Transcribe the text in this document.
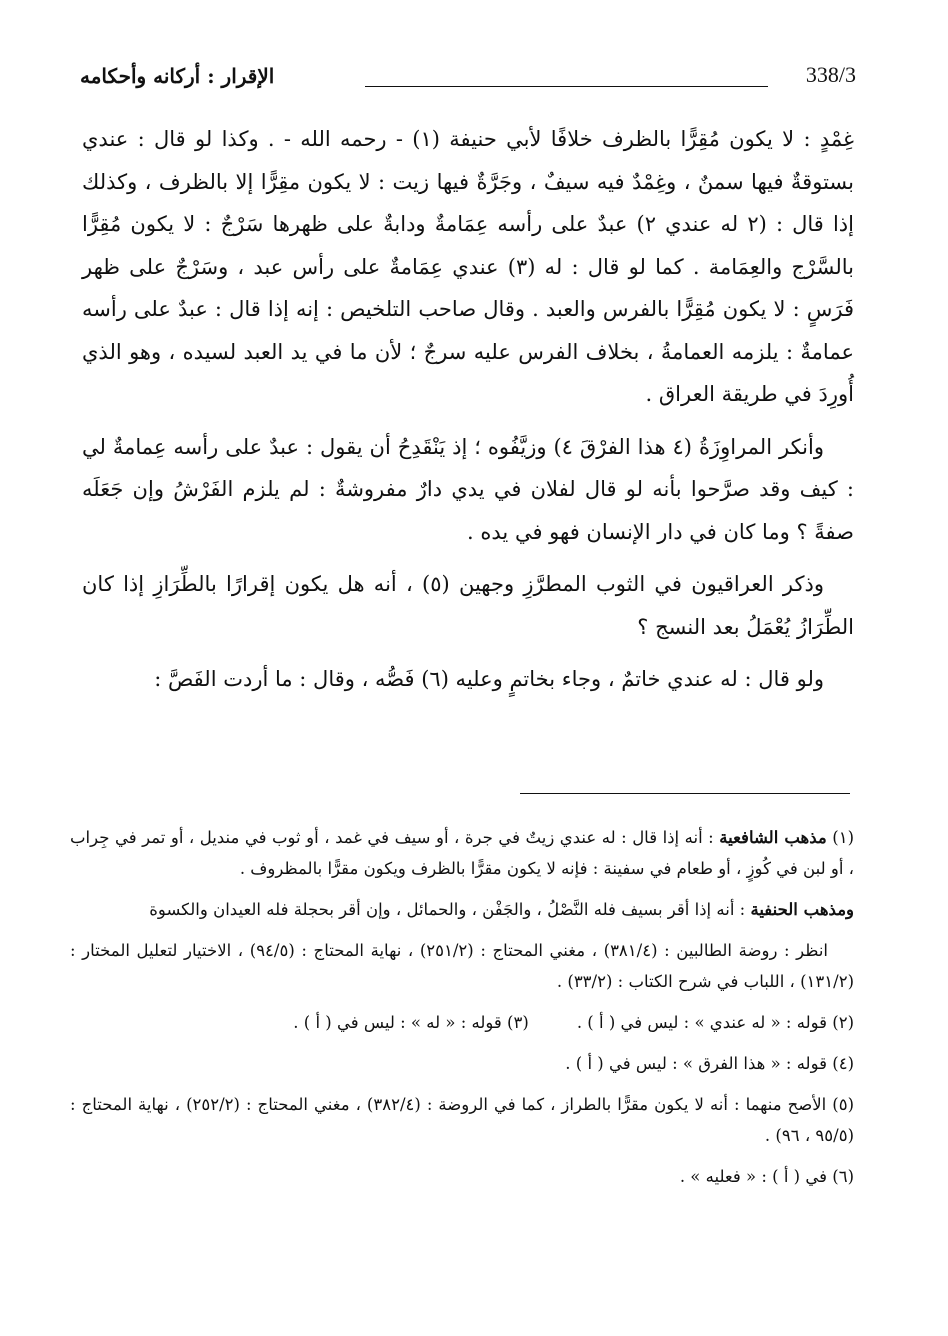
338/3
الإقرار : أركانه وأحكامه

غِمْدٍ : لا يكون مُقِرًّا بالظرف خلافًا لأبي حنيفة (١) - رحمه الله - . وكذا لو قال : عندي بستوقةٌ فيها سمنٌ ، وغِمْدٌ فيه سيفٌ ، وجَرَّةٌ فيها زيت : لا يكون مقِرًّا إلا بالظرف ، وكذلك إذا قال : (٢ له عندي ٢) عبدٌ على رأسه عِمَامةٌ ودابةٌ على ظهرها سَرْجٌ : لا يكون مُقِرًّا بالسَّرْج والعِمَامة . كما لو قال : له (٣) عندي عِمَامةٌ على رأس عبد ، وسَرْجٌ على ظهر فَرَسٍ : لا يكون مُقِرًّا بالفرس والعبد . وقال صاحب التلخيص : إنه إذا قال : عبدٌ على رأسه عمامةٌ : يلزمه العمامةُ ، بخلاف الفرس عليه سرجٌ ؛ لأن ما في يد العبد لسيده ، وهو الذي أُورِدَ في طريقة العراق .

وأنكر المراوِزَةُ (٤ هذا الفرْقَ ٤) وزيَّفُوه ؛ إذ يَنْقَدِحُ أن يقول : عبدٌ على رأسه عِمامةٌ لي : كيف وقد صرَّحوا بأنه لو قال لفلان في يدي دارٌ مفروشةٌ : لم يلزم الفَرْشُ وإن جَعَلَه صفةً ؟ وما كان في دار الإنسان فهو في يده .

وذكر العراقيون في الثوب المطرَّزِ وجهين (٥) ، أنه هل يكون إقرارًا بالطِّرَازِ إذا كان الطِّرَازُ يُعْمَلُ بعد النسج ؟

ولو قال : له عندي خاتمٌ ، وجاء بخاتمٍ وعليه (٦) فَصُّه ، وقال : ما أردت الفَصَّ :

(١) مذهب الشافعية : أنه إذا قال : له عندي زيتٌ في جرة ، أو سيف في غمد ، أو ثوب في منديل ، أو تمر في جِراب ، أو لبن في كُوزٍ ، أو طعام في سفينة : فإنه لا يكون مقرًّا بالظرف ويكون مقرًّا بالمظروف .

ومذهب الحنفية : أنه إذا أقر بسيف فله النَّصْلُ ، والجَفْن ، والحمائل ، وإن أقر بحجلة فله العيدان والكسوة

انظر : روضة الطالبين : (٣٨١/٤) ، مغني المحتاج : (٢٥١/٢) ، نهاية المحتاج : (٩٤/٥) ، الاختيار لتعليل المختار : (١٣١/٢) ، اللباب في شرح الكتاب : (٣٣/٢) .

(٢) قوله : « له عندي » : ليس في ( أ ) .(٣) قوله : « له » : ليس في ( أ ) .

(٤) قوله : « هذا الفرق » : ليس في ( أ ) .

(٥) الأصح منهما : أنه لا يكون مقرًّا بالطراز ، كما في الروضة : (٣٨٢/٤) ، مغني المحتاج : (٢٥٢/٢) ، نهاية المحتاج : (٩٥/٥ ، ٩٦) .

(٦) في ( أ ) : « فعليه » .
